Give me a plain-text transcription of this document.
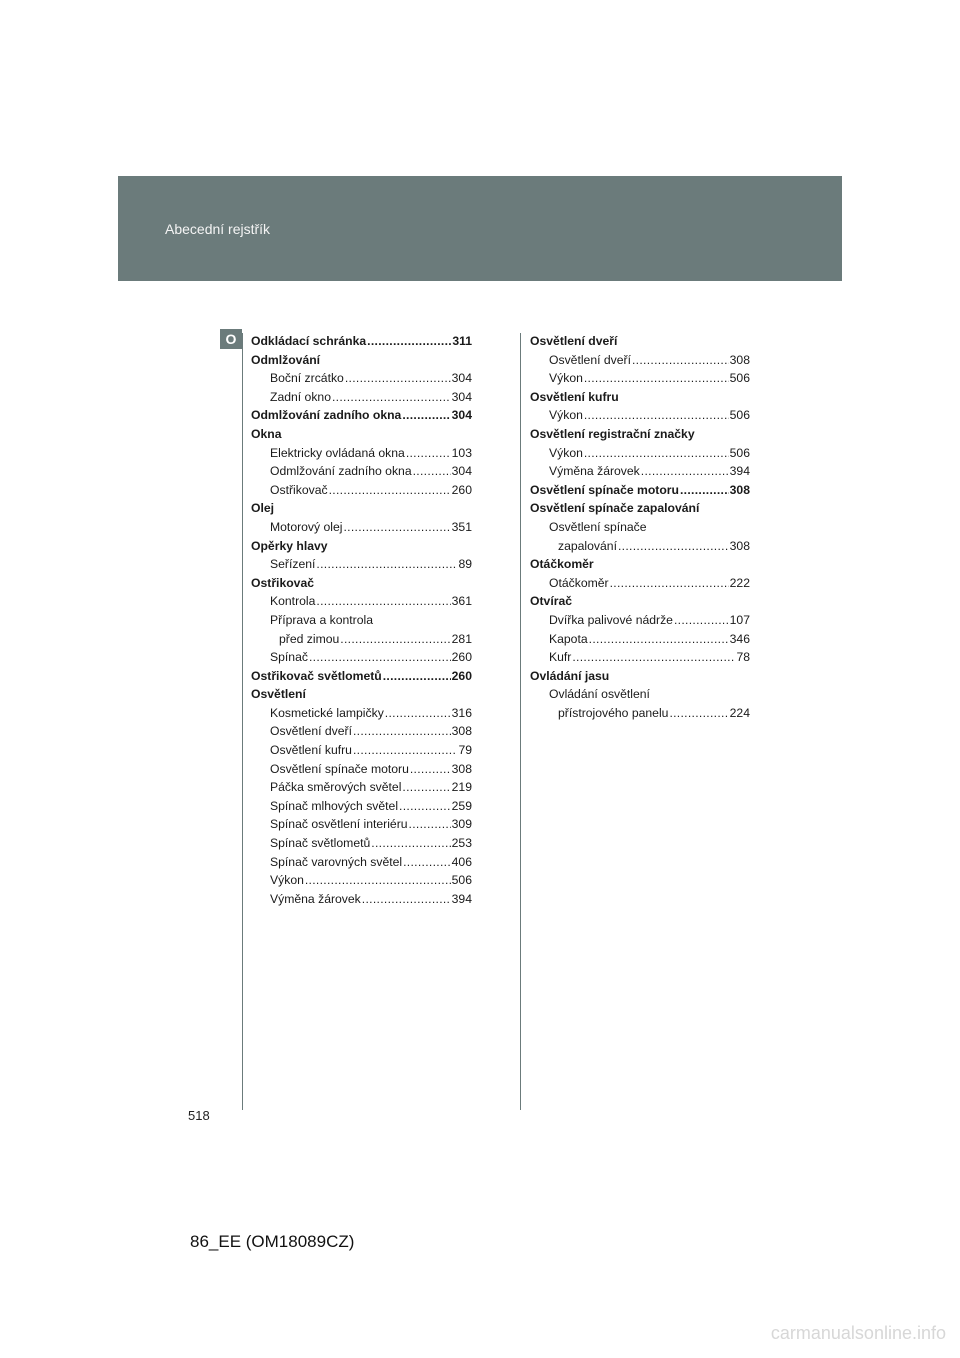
Abecední rejstřík
O	Odkládací schránka .....	311
Odmlžování
Boční zrcátko .....	304
Zadní okno .....	304
Odmlžování zadního okna .....	304
Okna
Elektricky ovládaná okna .....	103
Odmlžování zadního okna .....	304
Ostřikovač .....	260
Olej
Motorový olej .....	351
Opěrky hlavy
Seřízení .....	89
Ostřikovač
Kontrola .....	361
Příprava a kontrola
před zimou .....	281
Spínač .....	260
Ostřikovač světlometů .....	260
Osvětlení
Kosmetické lampičky .....	316
Osvětlení dveří .....	308
Osvětlení kufru .....	79
Osvětlení spínače motoru .....	308
Páčka směrových světel .....	219
Spínač mlhových světel .....	259
Spínač osvětlení interiéru .....	309
Spínač světlometů .....	253
Spínač varovných světel .....	406
Výkon .....	506
Výměna žárovek .....	394
Osvětlení dveří
Osvětlení dveří .....	308
Výkon .....	506
Osvětlení kufru
Výkon .....	506
Osvětlení registrační značky
Výkon .....	506
Výměna žárovek .....	394
Osvětlení spínače motoru .....	308
Osvětlení spínače zapalování
Osvětlení spínače
zapalování .....	308
Otáčkoměr
Otáčkoměr .....	222
Otvírač
Dvířka palivové nádrže .....	107
Kapota .....	346
Kufr .....	78
Ovládání jasu
Ovládání osvětlení
přístrojového panelu .....	224
518
86_EE (OM18089CZ)
carmanualsonline.info
